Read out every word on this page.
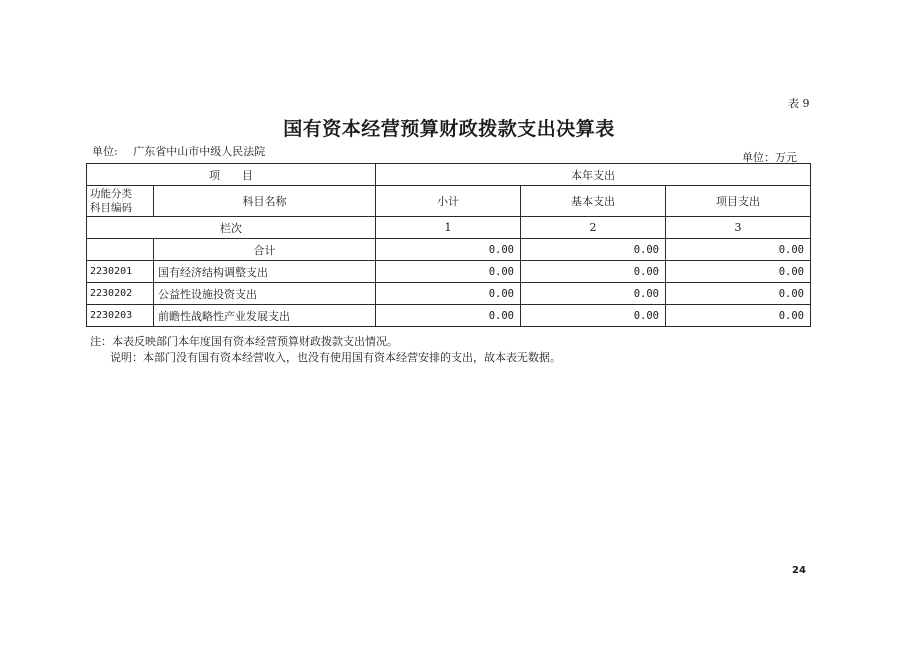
表 9
国有资本经营预算财政拨款支出决算表
单位: 广东省中山市中级人民法院	单位：万元
项　　目		本年支出		

功能分类
科目编码	科目名称	小计	基本支出	项目支出
栏次		1	2	3
	合计	0.00	0.00	0.00
2230201	国有经济结构调整支出	0.00	0.00	0.00
2230202	公益性设施投资支出	0.00	0.00	0.00
2230203	前瞻性战略性产业发展支出	0.00	0.00	0.00
注：本表反映部门本年度国有资本经营预算财政拨款支出情况。
说明：本部门没有国有资本经营收入，也没有使用国有资本经营安排的支出，故本表无数据。
24
